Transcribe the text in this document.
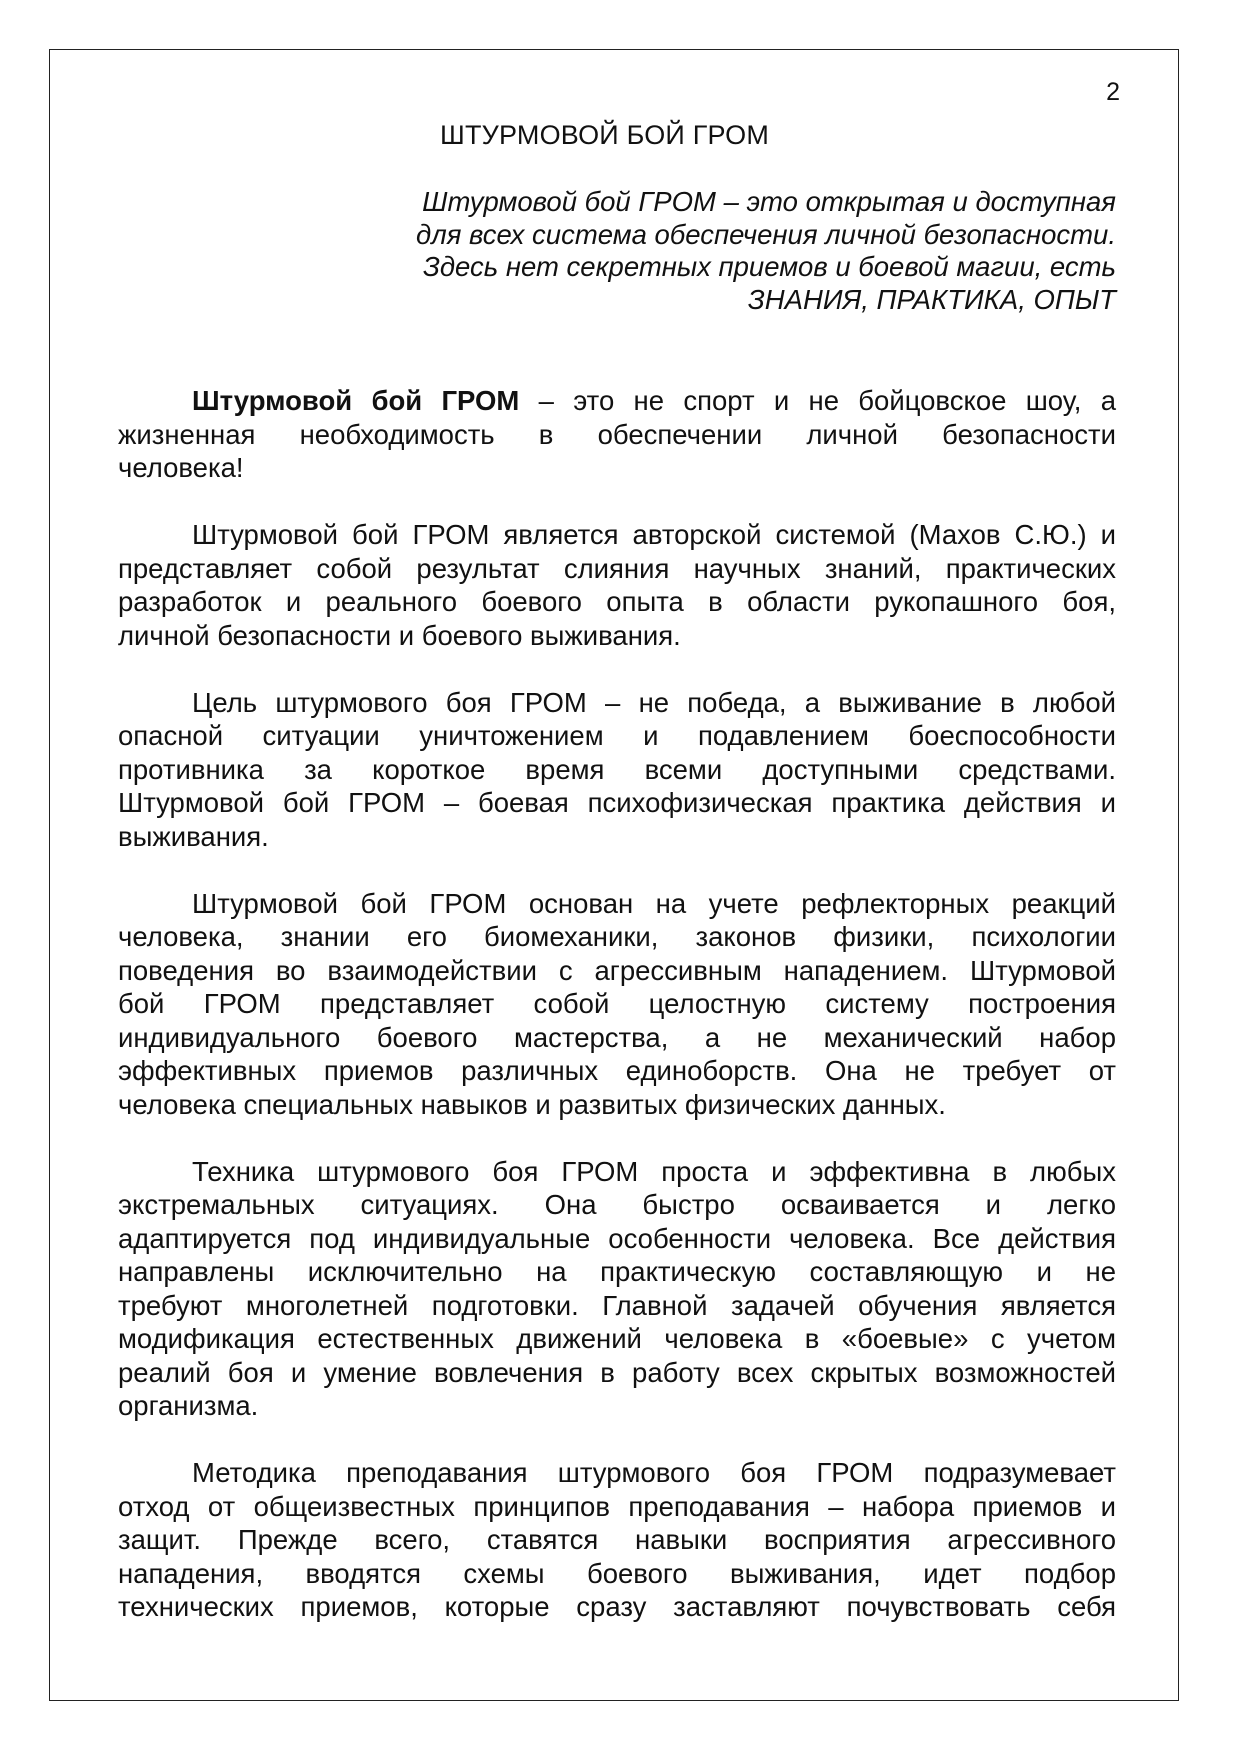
2
ШТУРМОВОЙ БОЙ ГРОМ
Штурмовой бой ГРОМ – это открытая и доступная
для всех система обеспечения личной безопасности.
Здесь нет секретных приемов и боевой магии, есть
ЗНАНИЯ, ПРАКТИКА, ОПЫТ
Штурмовой бой ГРОМ – это не спорт и не бойцовское шоу, а
жизненная необходимость в обеспечении личной безопасности
человека!
Штурмовой бой ГРОМ является авторской системой (Махов С.Ю.) и
представляет собой результат слияния научных знаний, практических
разработок и реального боевого опыта в области рукопашного боя,
личной безопасности и боевого выживания.
Цель штурмового боя ГРОМ – не победа, а выживание в любой
опасной ситуации уничтожением и подавлением боеспособности
противника за короткое время всеми доступными средствами.
Штурмовой бой ГРОМ – боевая психофизическая практика действия и
выживания.
Штурмовой бой ГРОМ основан на учете рефлекторных реакций
человека, знании его биомеханики, законов физики, психологии
поведения во взаимодействии с агрессивным нападением. Штурмовой
бой ГРОМ представляет собой целостную систему построения
индивидуального боевого мастерства, а не механический набор
эффективных приемов различных единоборств. Она не требует от
человека специальных навыков и развитых физических данных.
Техника штурмового боя ГРОМ проста и эффективна в любых
экстремальных ситуациях. Она быстро осваивается и легко
адаптируется под индивидуальные особенности человека. Все действия
направлены исключительно на практическую составляющую и не
требуют многолетней подготовки. Главной задачей обучения является
модификация естественных движений человека в «боевые» с учетом
реалий боя и умение вовлечения в работу всех скрытых возможностей
организма.
Методика преподавания штурмового боя ГРОМ подразумевает
отход от общеизвестных принципов преподавания – набора приемов и
защит. Прежде всего, ставятся навыки восприятия агрессивного
нападения, вводятся схемы боевого выживания, идет подбор
технических приемов, которые сразу заставляют почувствовать себя
